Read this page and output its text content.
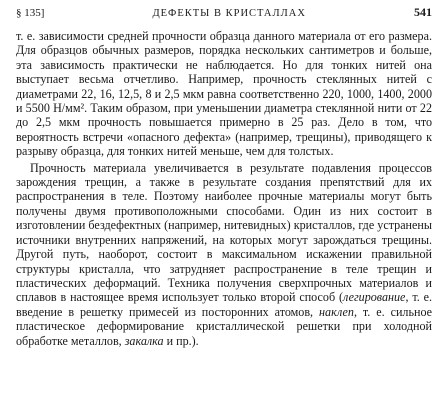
§ 135]	ДЕФЕКТЫ В КРИСТАЛЛАХ	541

т. е. зависимости средней прочности образца данного материала от его размера. Для образцов обычных размеров, порядка нескольких сантиметров и больше, эта зависимость практически не наблюдается. Но для тонких нитей она выступает весьма отчетливо. Например, прочность стеклянных нитей с диаметрами 22, 16, 12,5, 8 и 2,5 мкм равна соответственно 220, 1000, 1400, 2000 и 5500 Н/мм². Таким образом, при уменьшении диаметра стеклянной нити от 22 до 2,5 мкм прочность повышается примерно в 25 раз. Дело в том, что вероятность встречи «опасного дефекта» (например, трещины), приводящего к разрыву образца, для тонких нитей меньше, чем для толстых.

Прочность материала увеличивается в результате подавления процессов зарождения трещин, а также в результате создания препятствий для их распространения в теле. Поэтому наиболее прочные материалы могут быть получены двумя противоположными способами. Один из них состоит в изготовлении бездефектных (например, нитевидных) кристаллов, где устранены источники внутренних напряжений, на которых могут зарождаться трещины. Другой путь, наоборот, состоит в максимальном искажении правильной структуры кристалла, что затрудняет распространение в теле трещин и пластических деформаций. Техника получения сверхпрочных материалов и сплавов в настоящее время использует только второй способ (легирование, т. е. введение в решетку примесей из посторонних атомов, наклеп, т. е. сильное пластическое деформирование кристаллической решетки при холодной обработке металлов, закалка и пр.).
